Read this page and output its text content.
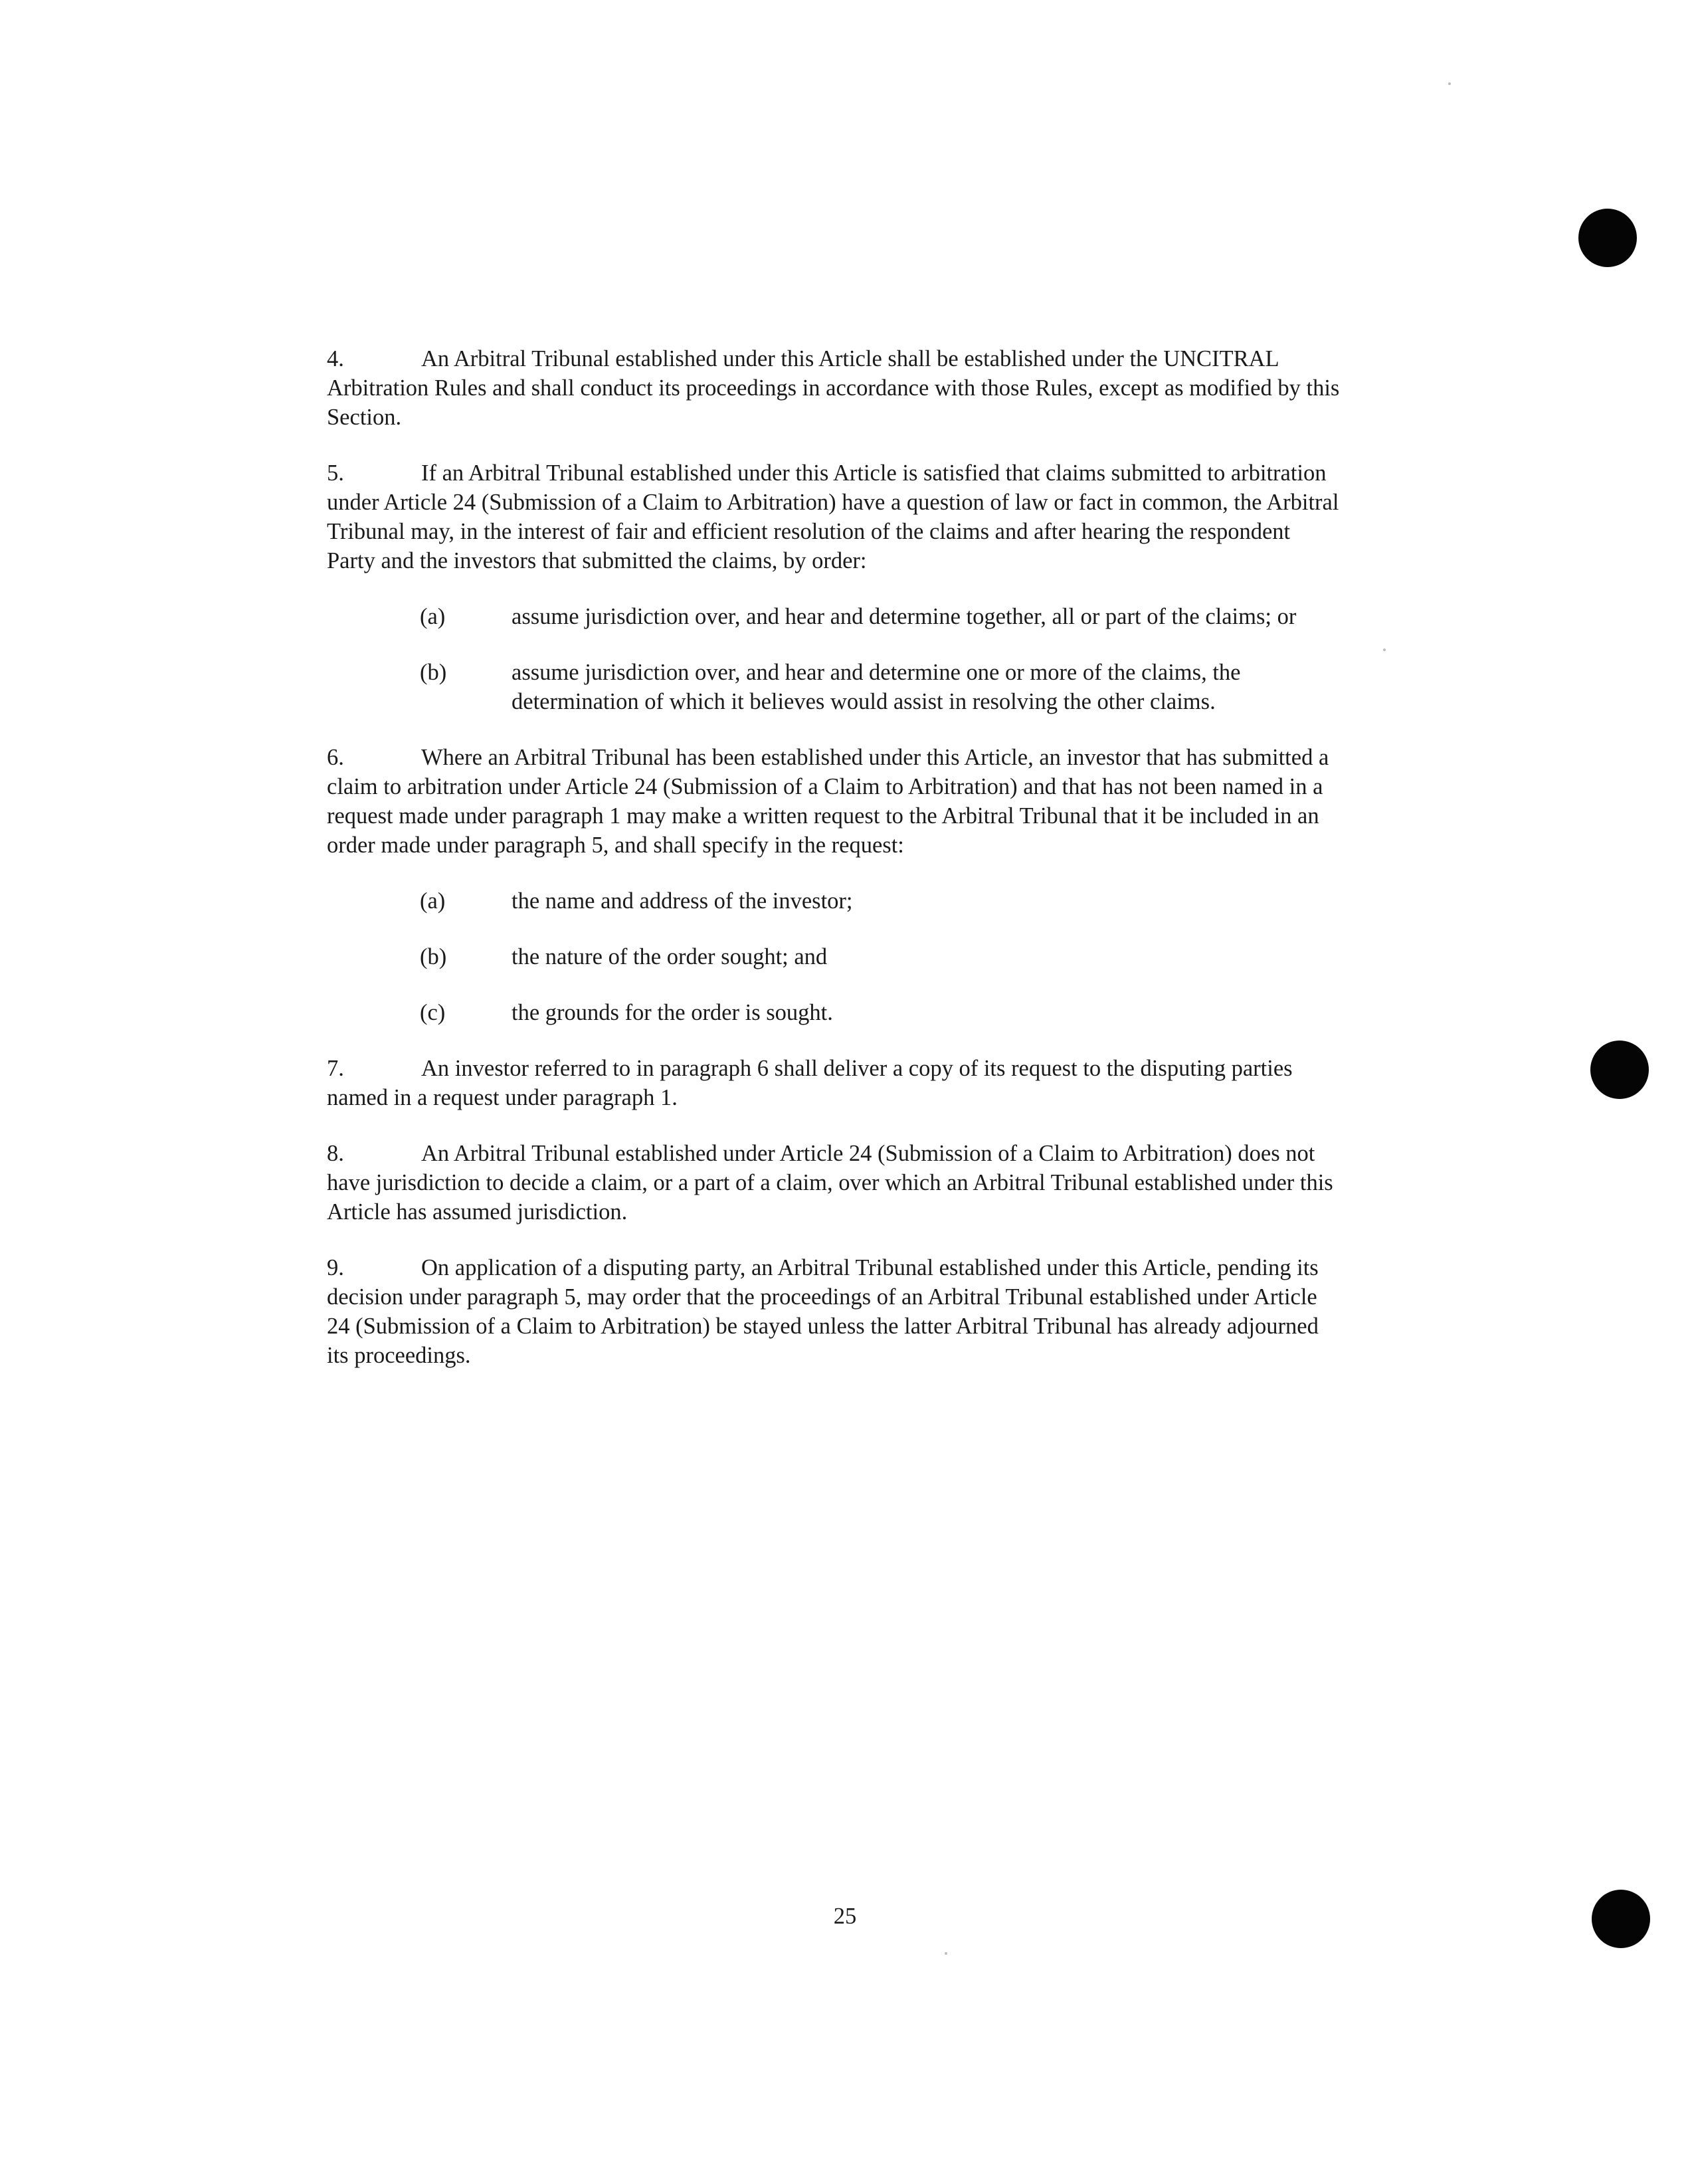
4.	An Arbitral Tribunal established under this Article shall be established under the UNCITRAL Arbitration Rules and shall conduct its proceedings in accordance with those Rules, except as modified by this Section.

5.	If an Arbitral Tribunal established under this Article is satisfied that claims submitted to arbitration under Article 24 (Submission of a Claim to Arbitration) have a question of law or fact in common, the Arbitral Tribunal may, in the interest of fair and efficient resolution of the claims and after hearing the respondent Party and the investors that submitted the claims, by order:

(a)	assume jurisdiction over, and hear and determine together, all or part of the claims; or
(b)	assume jurisdiction over, and hear and determine one or more of the claims, the determination of which it believes would assist in resolving the other claims.

6.	Where an Arbitral Tribunal has been established under this Article, an investor that has submitted a claim to arbitration under Article 24 (Submission of a Claim to Arbitration) and that has not been named in a request made under paragraph 1 may make a written request to the Arbitral Tribunal that it be included in an order made under paragraph 5, and shall specify in the request:

(a)	the name and address of the investor;
(b)	the nature of the order sought; and
(c)	the grounds for the order is sought.

7.	An investor referred to in paragraph 6 shall deliver a copy of its request to the disputing parties named in a request under paragraph 1.

8.	An Arbitral Tribunal established under Article 24 (Submission of a Claim to Arbitration) does not have jurisdiction to decide a claim, or a part of a claim, over which an Arbitral Tribunal established under this Article has assumed jurisdiction.

9.	On application of a disputing party, an Arbitral Tribunal established under this Article, pending its decision under paragraph 5, may order that the proceedings of an Arbitral Tribunal established under Article 24 (Submission of a Claim to Arbitration) be stayed unless the latter Arbitral Tribunal has already adjourned its proceedings.

25
